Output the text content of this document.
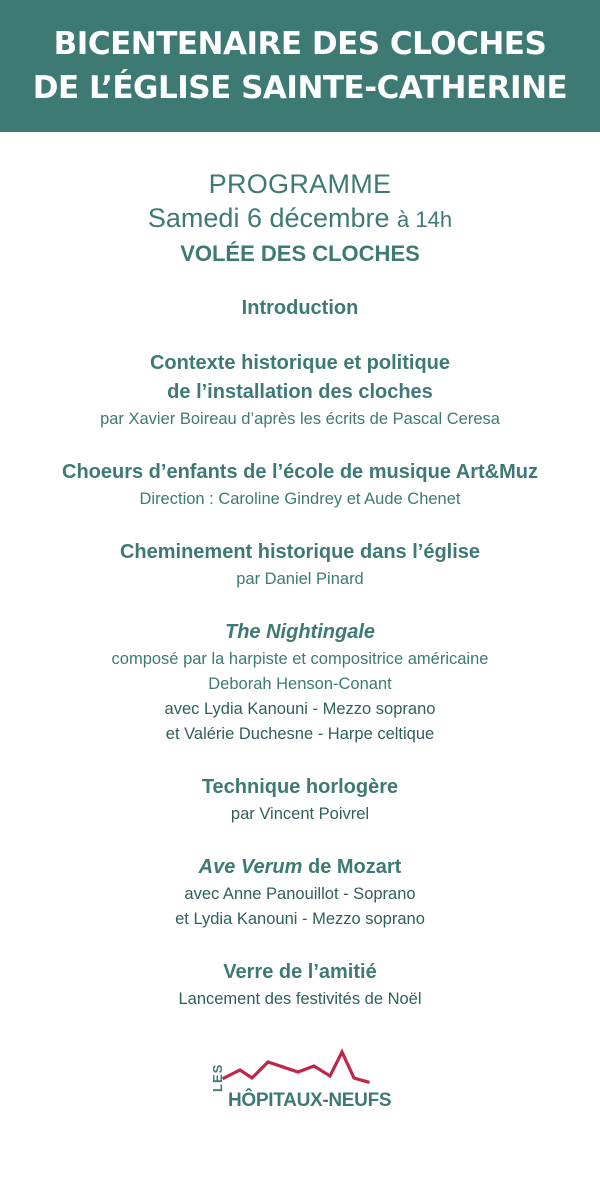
BICENTENAIRE DES CLOCHES
DE L’ÉGLISE SAINTE-CATHERINE
PROGRAMME
Samedi 6 décembre à 14h
VOLÉE DES CLOCHES
Introduction
Contexte historique et politique
de l’installation des cloches
par Xavier Boireau d’après les écrits de Pascal Ceresa
Choeurs d’enfants de l’école de musique Art&Muz
Direction : Caroline Gindrey et Aude Chenet
Cheminement historique dans l’église
par Daniel Pinard
The Nightingale
composé par la harpiste et compositrice américaine
Deborah Henson-Conant
avec Lydia Kanouni - Mezzo soprano
et Valérie Duchesne - Harpe celtique
Technique horlogère
par Vincent Poivrel
Ave Verum de Mozart
avec Anne Panouillot - Soprano
et Lydia Kanouni - Mezzo soprano
Verre de l’amitié
Lancement des festivités de Noël
LES
HÔPITAUX-NEUFS
